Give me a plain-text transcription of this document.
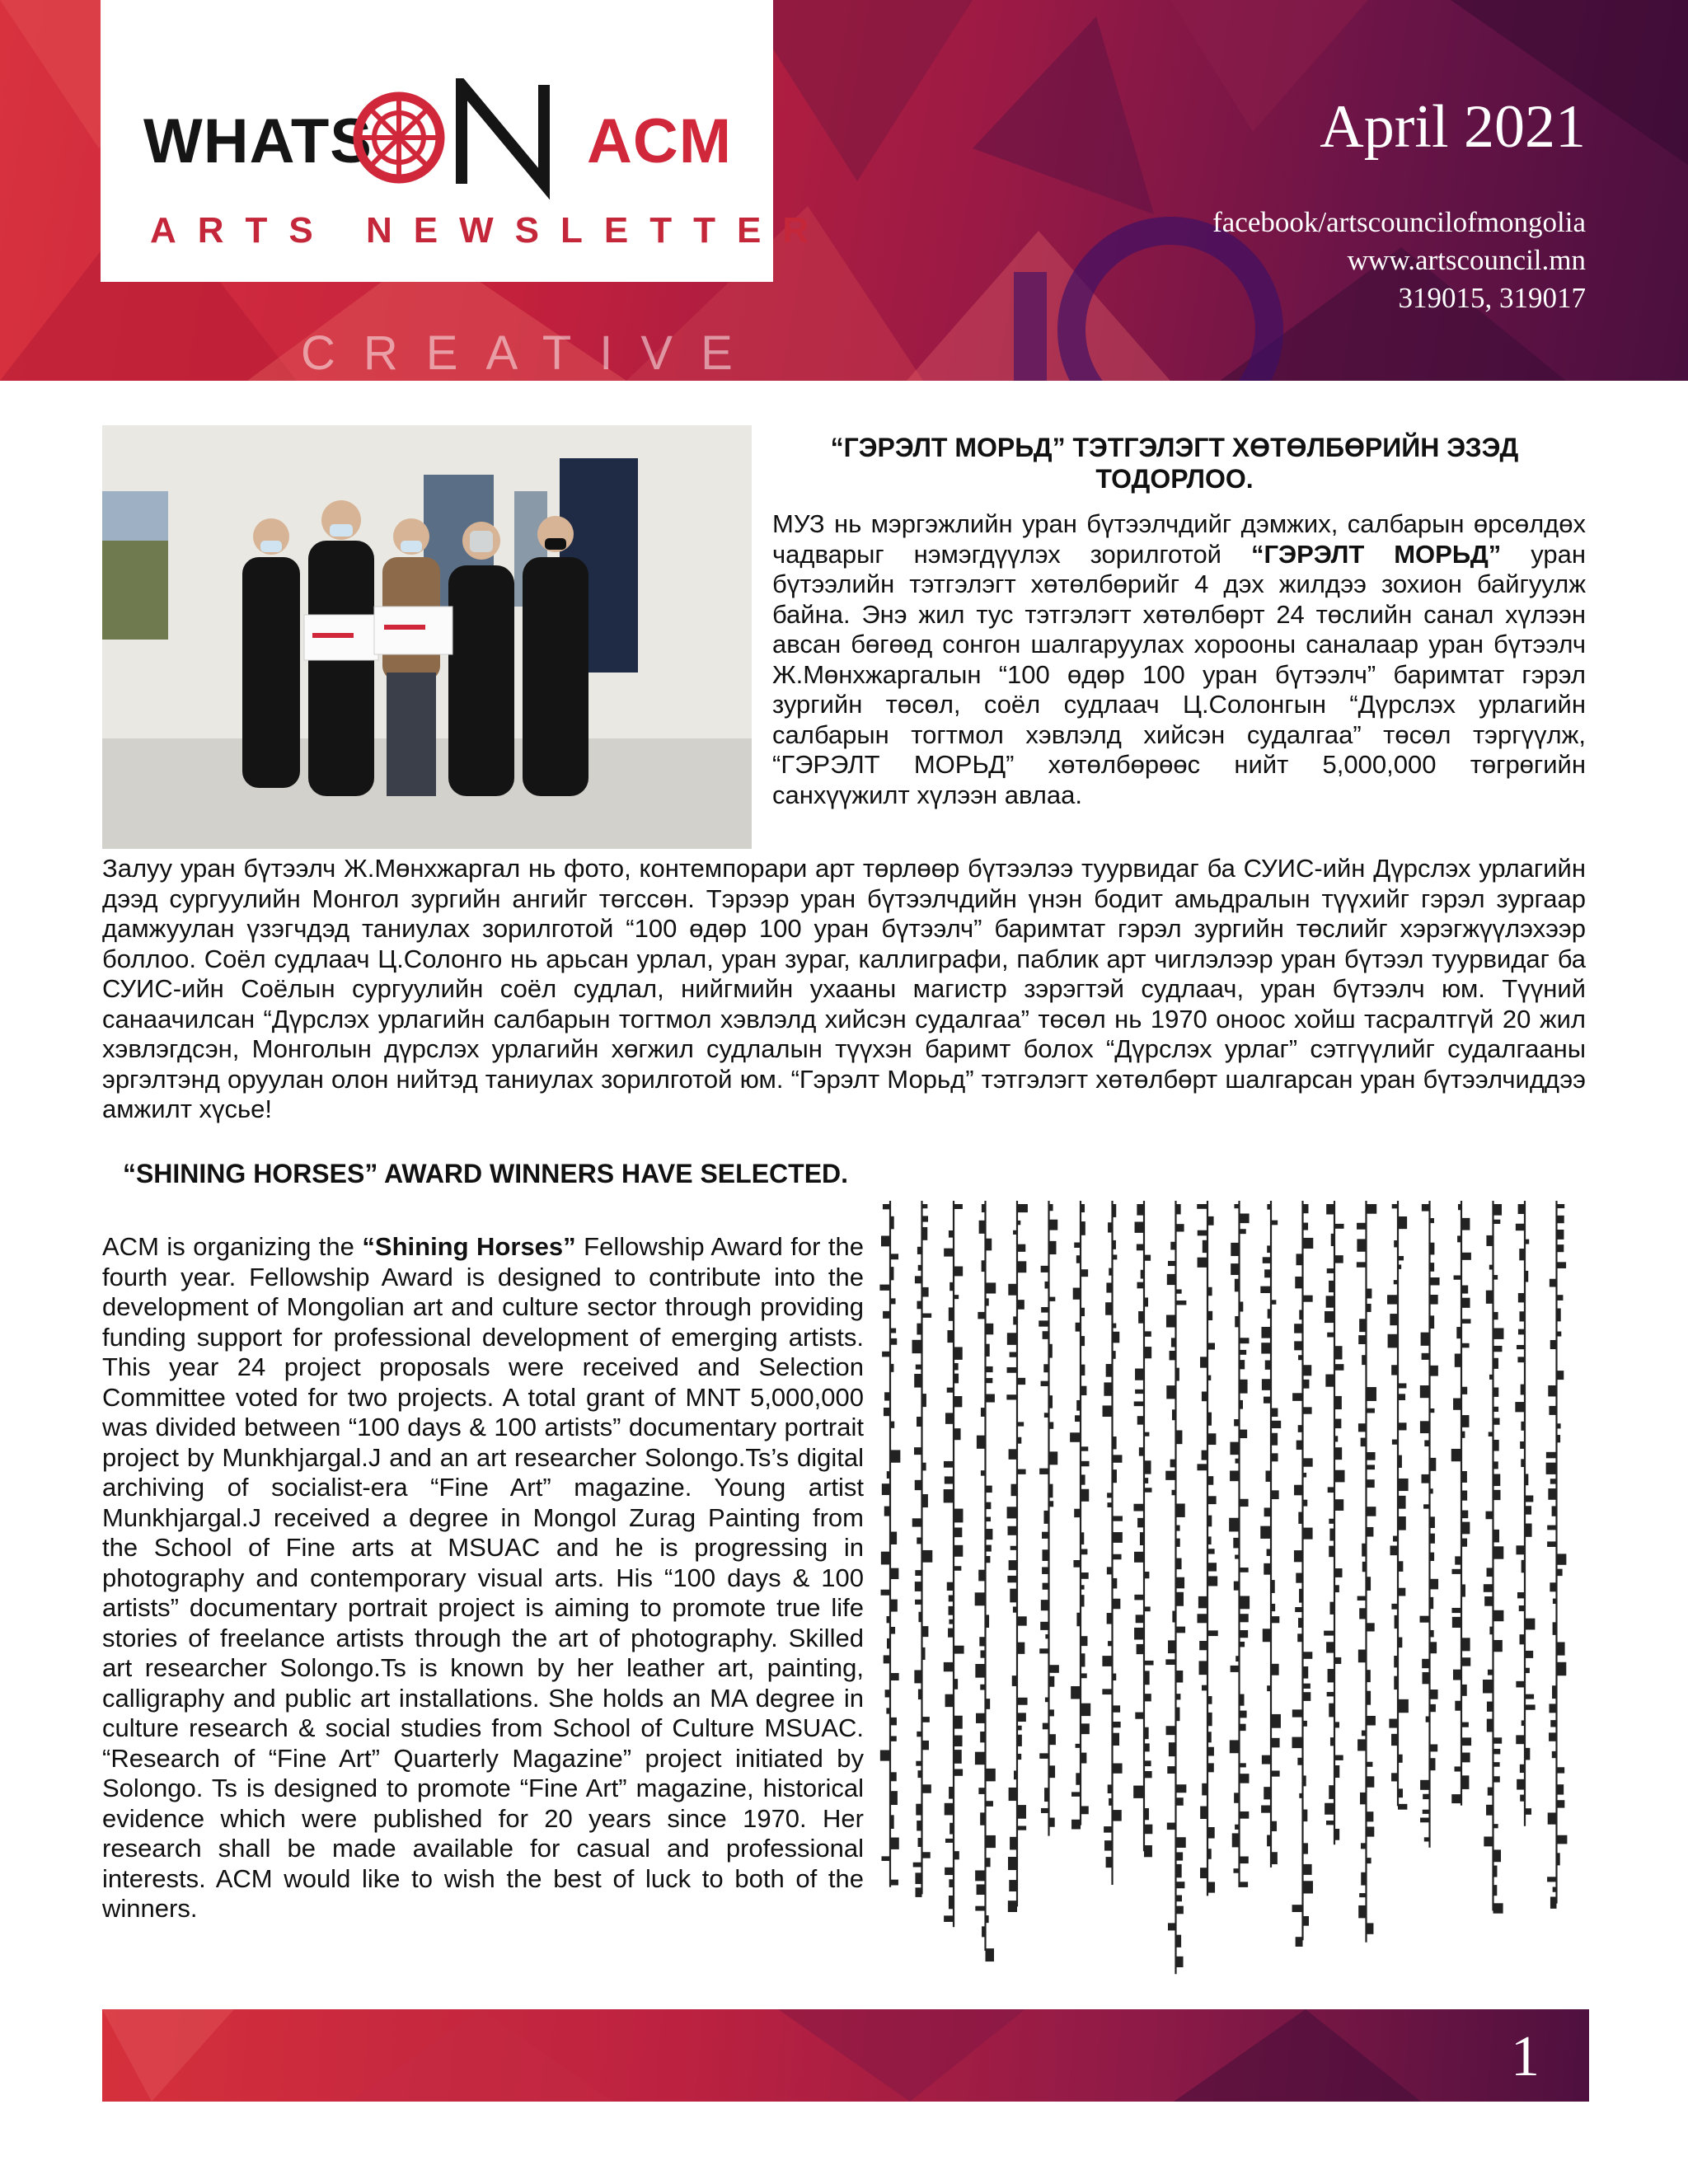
CREATIVE
WHATS	ACM
ARTS NEWSLETTER
April 2021
facebook/artscouncilofmongolia
www.artscouncil.mn
319015, 319017
“ГЭРЭЛТ МОРЬД” ТЭТГЭЛЭГТ ХӨТӨЛБӨРИЙН ЭЗЭД ТОДОРЛОО.

МУЗ нь мэргэжлийн уран бүтээлчдийг дэмжих, салбарын өрсөлдөх чадварыг нэмэгдүүлэх зорилготой “ГЭРЭЛТ МОРЬД” уран бүтээлийн тэтгэлэгт хөтөлбөрийг 4 дэх жилдээ зохион байгуулж байна. Энэ жил тус тэтгэлэгт хөтөлбөрт 24 төслийн санал хүлээн авсан бөгөөд сонгон шалгаруулах хорооны саналаар уран бүтээлч Ж.Мөнхжаргалын “100 өдөр 100 уран бүтээлч” баримтат гэрэл зургийн төсөл, соёл судлаач Ц.Солонгын “Дүрслэх урлагийн салбарын тогтмол хэвлэлд хийсэн судалгаа” төсөл тэргүүлж, “ГЭРЭЛТ МОРЬД” хөтөлбөрөөс нийт 5,000,000 төгрөгийн санхүүжилт хүлээн авлаа.

Залуу уран бүтээлч Ж.Мөнхжаргал нь фото, контемпорари арт төрлөөр бүтээлээ туурвидаг ба СУИС-ийн Дүрслэх урлагийн дээд сургуулийн Монгол зургийн ангийг төгссөн. Тэрээр уран бүтээлчдийн үнэн бодит амьдралын түүхийг гэрэл зургаар дамжуулан үзэгчдэд таниулах зорилготой “100 өдөр 100 уран бүтээлч” баримтат гэрэл зургийн төслийг хэрэгжүүлэхээр боллоо. Соёл судлаач Ц.Солонго нь арьсан урлал, уран зураг, каллиграфи, паблик арт чиглэлээр уран бүтээл туурвидаг ба СУИС-ийн Соёлын сургуулийн соёл судлал, нийгмийн ухааны магистр зэрэгтэй судлаач, уран бүтээлч юм. Түүний санаачилсан “Дүрслэх урлагийн салбарын тогтмол хэвлэлд хийсэн судалгаа” төсөл нь 1970 оноос хойш тасралтгүй 20 жил хэвлэгдсэн, Монголын дүрслэх урлагийн хөгжил судлалын түүхэн баримт болох “Дүрслэх урлаг” сэтгүүлийг судалгааны эргэлтэнд оруулан олон нийтэд таниулах зорилготой юм. “Гэрэлт Морьд” тэтгэлэгт хөтөлбөрт шалгарсан уран бүтээлчиддээ амжилт хүсье!

“SHINING HORSES” AWARD WINNERS HAVE SELECTED.

ACM is organizing the “Shining Horses” Fellowship Award for the fourth year. Fellowship Award is designed to contribute into the development of Mongolian art and culture sector through providing funding support for professional development of emerging artists. This year 24 project proposals were received and Selection Committee voted for two projects. A total grant of MNT 5,000,000 was divided between “100 days & 100 artists” documentary portrait project by Munkhjargal.J and an art researcher Solongo.Ts’s digital archiving of socialist-era “Fine Art” magazine. Young artist Munkhjargal.J received a degree in Mongol Zurag Painting from the School of Fine arts at MSUAC and he is progressing in photography and contemporary visual arts. His “100 days & 100 artists” documentary portrait project is aiming to promote true life stories of freelance artists through the art of photography. Skilled art researcher Solongo.Ts is known by her leather art, painting, calligraphy and public art installations. She holds an MA degree in culture research & social studies from School of Culture MSUAC. “Research of “Fine Art” Quarterly Magazine” project initiated by Solongo. Ts is designed to promote “Fine Art” magazine, historical evidence which were published for 20 years since 1970. Her research shall be made available for casual and professional interests. ACM would like to wish the best of luck to both of the winners.

1
